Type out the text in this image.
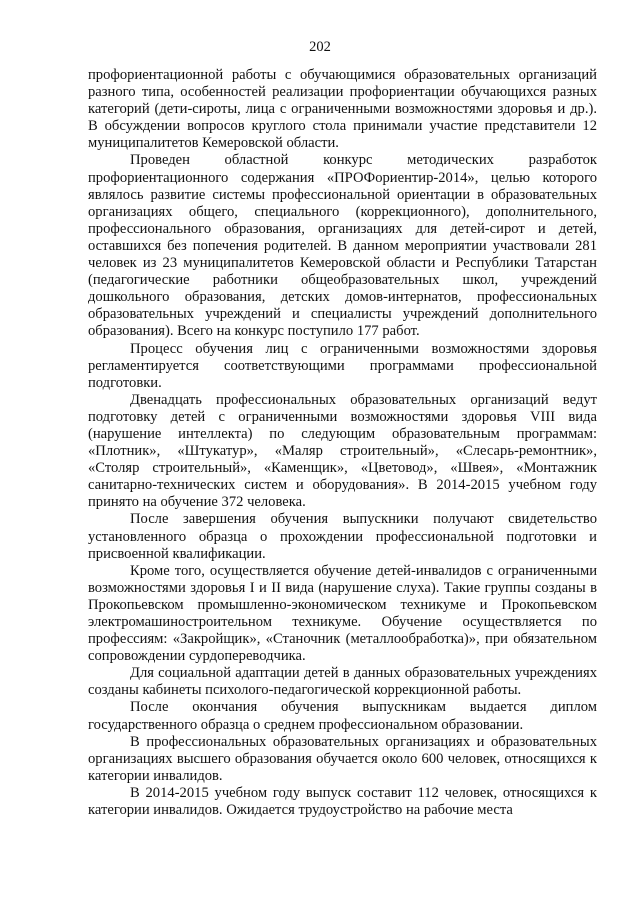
202

профориентационной работы с обучающимися образовательных организаций разного типа, особенностей реализации профориентации обучающихся разных категорий (дети-сироты, лица с ограниченными возможностями здоровья и др.). В обсуждении вопросов круглого стола принимали участие представители 12 муниципалитетов Кемеровской области.

Проведен областной конкурс методических разработок профориентационного содержания «ПРОФориентир-2014», целью которого являлось развитие системы профессиональной ориентации в образовательных организациях общего, специального (коррекционного), дополнительного, профессионального образования, организациях для детей-сирот и детей, оставшихся без попечения родителей. В данном мероприятии участвовали 281 человек из 23 муниципалитетов Кемеровской области и Республики Татарстан (педагогические работники общеобразовательных школ, учреждений дошкольного образования, детских домов-интернатов, профессиональных образовательных учреждений и специалисты учреждений дополнительного образования). Всего на конкурс поступило 177 работ.

Процесс обучения лиц с ограниченными возможностями здоровья регламентируется соответствующими программами профессиональной подготовки.

Двенадцать профессиональных образовательных организаций ведут подготовку детей с ограниченными возможностями здоровья VIII вида (нарушение интеллекта) по следующим образовательным программам: «Плотник», «Штукатур», «Маляр строительный», «Слесарь-ремонтник», «Столяр строительный», «Каменщик», «Цветовод», «Швея», «Монтажник санитарно-технических систем и оборудования». В 2014-2015 учебном году принято на обучение 372 человека.

После завершения обучения выпускники получают свидетельство установленного образца о прохождении профессиональной подготовки и присвоенной квалификации.

Кроме того, осуществляется обучение детей-инвалидов с ограниченными возможностями здоровья I и II вида (нарушение слуха). Такие группы созданы в Прокопьевском промышленно-экономическом техникуме и Прокопьевском электромашиностроительном техникуме. Обучение осуществляется по профессиям: «Закройщик», «Станочник (металлообработка)», при обязательном сопровождении сурдопереводчика.

Для социальной адаптации детей в данных образовательных учреждениях созданы кабинеты психолого-педагогической коррекционной работы.

После окончания обучения выпускникам выдается диплом государственного образца о среднем профессиональном образовании.

В профессиональных образовательных организациях и образовательных организациях высшего образования обучается около 600 человек, относящихся к категории инвалидов.

В 2014-2015 учебном году выпуск составит 112 человек, относящихся к категории инвалидов. Ожидается трудоустройство на рабочие места
